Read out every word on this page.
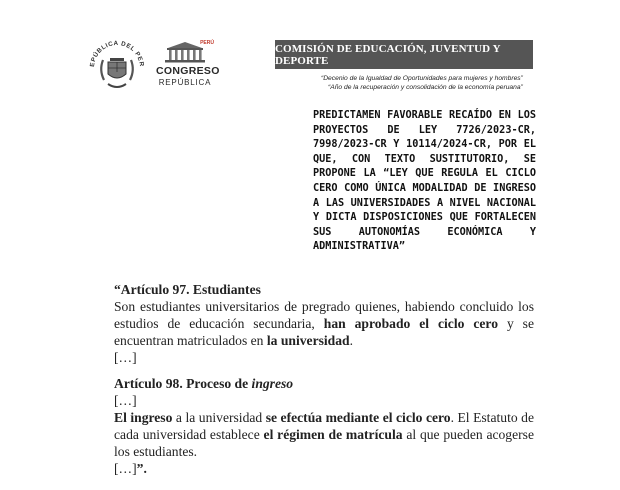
EPÚBLICA DEL PER
PERÚ
CONGRESO
REPÚBLICA
COMISIÓN DE EDUCACIÓN, JUVENTUD Y DEPORTE
“Decenio de la Igualdad de Oportunidades para mujeres y hombres”
“Año de la recuperación y consolidación de la economía peruana”
PREDICTAMEN FAVORABLE RECAÍDO EN LOS PROYECTOS DE LEY 7726/2023-CR, 7998/2023-CR Y 10114/2024-CR, POR EL QUE, CON TEXTO SUSTITUTORIO, SE PROPONE LA “LEY QUE REGULA EL CICLO CERO COMO ÚNICA MODALIDAD DE INGRESO A LAS UNIVERSIDADES A NIVEL NACIONAL Y DICTA DISPOSICIONES QUE FORTALECEN SUS AUTONOMÍAS ECONÓMICA Y ADMINISTRATIVA”

“Artículo 97. Estudiantes

Son estudiantes universitarios de pregrado quienes, habiendo concluido los estudios de educación secundaria, han aprobado el ciclo cero y se encuentran matriculados en la universidad.

[…]

Artículo 98. Proceso de ingreso

[…]

El ingreso a la universidad se efectúa mediante el ciclo cero. El Estatuto de cada universidad establece el régimen de matrícula al que pueden acogerse los estudiantes.

[…]”.
